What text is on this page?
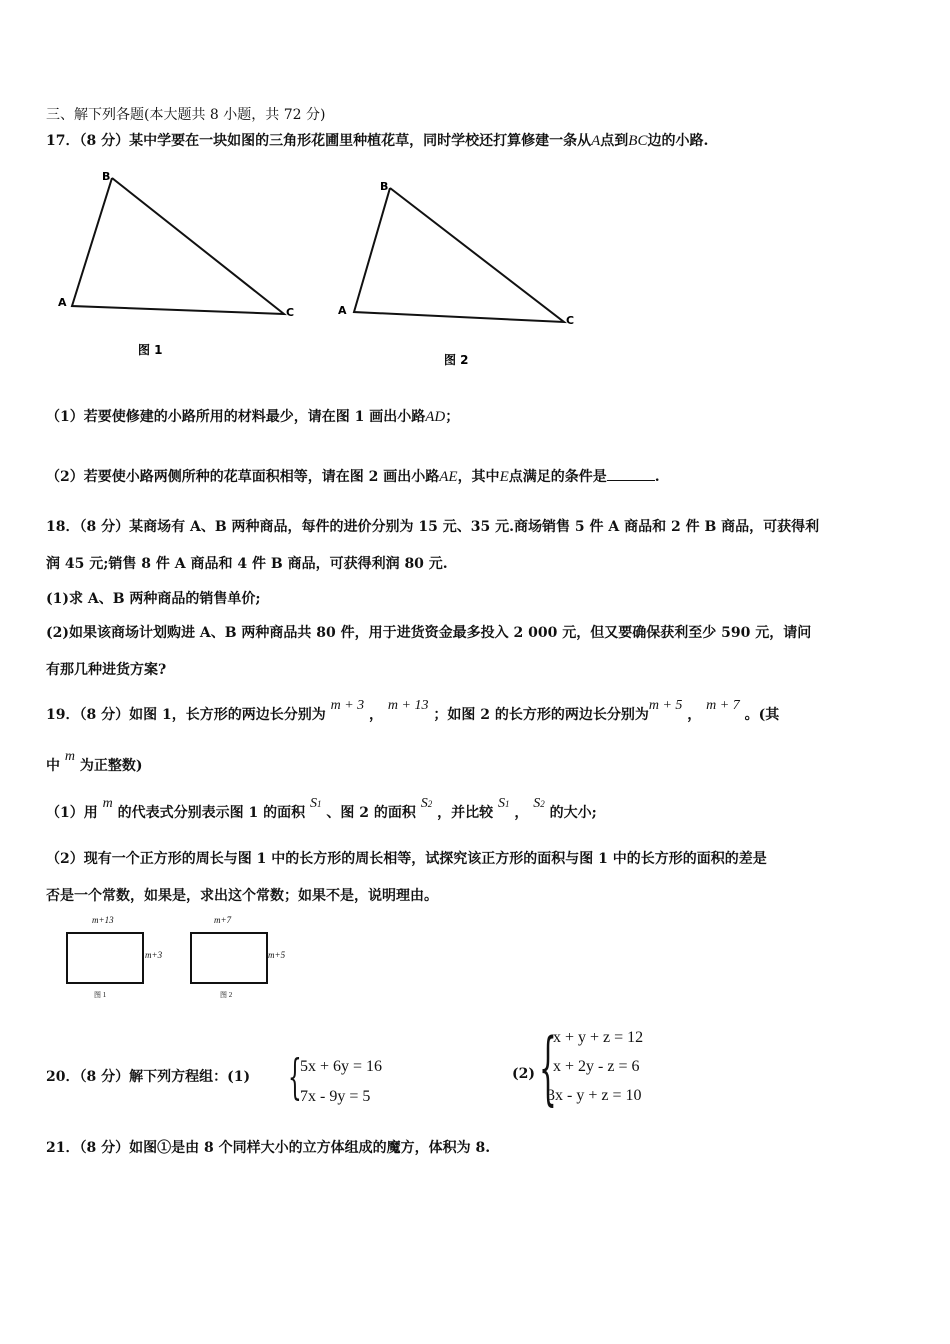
三、解下列各题(本大题共 8 小题，共 72 分)
17．（8 分）某中学要在一块如图的三角形花圃里种植花草，同时学校还打算修建一条从A点到BC边的小路.
B
A
C
图 1
B
A
C
图 2
（1）若要使修建的小路所用的材料最少，请在图 1 画出小路AD；
（2）若要使小路两侧所种的花草面积相等，请在图 2 画出小路AE，其中E点满足的条件是	.
18．（8 分）某商场有 A、B 两种商品，每件的进价分别为 15 元、35 元.商场销售 5 件 A 商品和 2 件 B 商品，可获得利
润 45 元;销售 8 件 A 商品和 4 件 B 商品，可获得利润 80 元.
(1)求 A、B 两种商品的销售单价;
(2)如果该商场计划购进 A、B 两种商品共 80 件，用于进货资金最多投入 2 000 元，但又要确保获利至少 590 元，请问
有那几种进货方案?
19．（8 分）如图 1，长方形的两边长分别为 m + 3 ， m + 13 ；如图 2 的长方形的两边长分别为m + 5 ， m + 7 。(其
中 m 为正整数)
（1）用 m 的代表式分别表示图 1 的面积 S1 、图 2 的面积 S2 ，并比较 S1 ， S2 的大小;
（2）现有一个正方形的周长与图 1 中的长方形的周长相等，试探究该正方形的面积与图 1 中的长方形的面积的差是
否是一个常数，如果是，求出这个常数；如果不是，说明理由。
m+13
m+3
图 1
m+7
m+5
图 2
20．（8 分）解下列方程组：(1) {
5x + 6y = 16
7x - 9y = 5
(2) {
x + y + z = 12
x + 2y - z = 6
3x - y + z = 10
21．（8 分）如图①是由 8 个同样大小的立方体组成的魔方，体积为 8.
